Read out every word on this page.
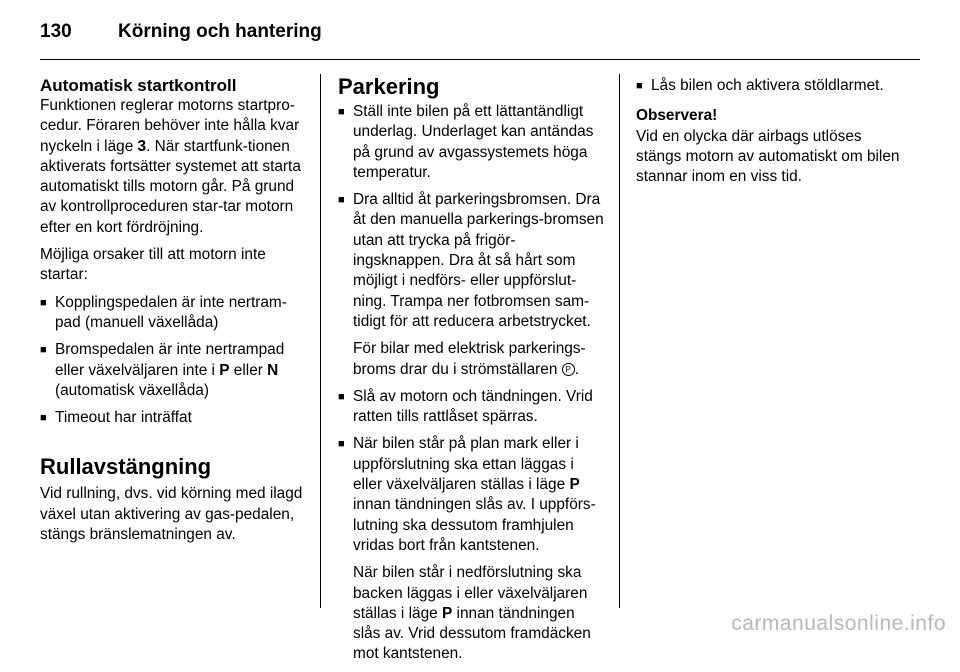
130	Körning och hantering
Automatisk startkontroll

Funktionen reglerar motorns startpro-cedur. Föraren behöver inte hålla kvar nyckeln i läge 3. När startfunk-tionen aktiverats fortsätter systemet att starta automatiskt tills motorn går. På grund av kontrollproceduren star-tar motorn efter en kort fördröjning.

Möjliga orsaker till att motorn inte startar:

■ Kopplingspedalen är inte nertram-pad (manuell växellåda)
■ Bromspedalen är inte nertrampad eller växelväljaren inte i P eller N (automatisk växellåda)
■ Timeout har inträffat
Rullavstängning

Vid rullning, dvs. vid körning med ilagd växel utan aktivering av gas-pedalen, stängs bränslematningen av.

Parkering
■ Ställ inte bilen på ett lättantändligt underlag. Underlaget kan antändas på grund av avgassystemets höga temperatur.
■ Dra alltid åt parkeringsbromsen. Dra åt den manuella parkerings-bromsen utan att trycka på frigör-ingsknappen. Dra åt så hårt som möjligt i nedförs- eller uppförslut-ning. Trampa ner fotbromsen sam-tidigt för att reducera arbetstrycket.
För bilar med elektrisk parkerings-broms drar du i strömställaren P .
■ Slå av motorn och tändningen. Vrid ratten tills rattlåset spärras.
■ När bilen står på plan mark eller i uppförslutning ska ettan läggas i eller växelväljaren ställas i läge P innan tändningen slås av. I uppförs-lutning ska dessutom framhjulen vridas bort från kantstenen.
När bilen står i nedförslutning ska backen läggas i eller växelväljaren ställas i läge P innan tändningen slås av. Vrid dessutom framdäcken mot kantstenen.
■ Lås bilen och aktivera stöldlarmet.
Observera!
Vid en olycka där airbags utlöses stängs motorn av automatiskt om bilen stannar inom en viss tid.
carmanualsonline.info
